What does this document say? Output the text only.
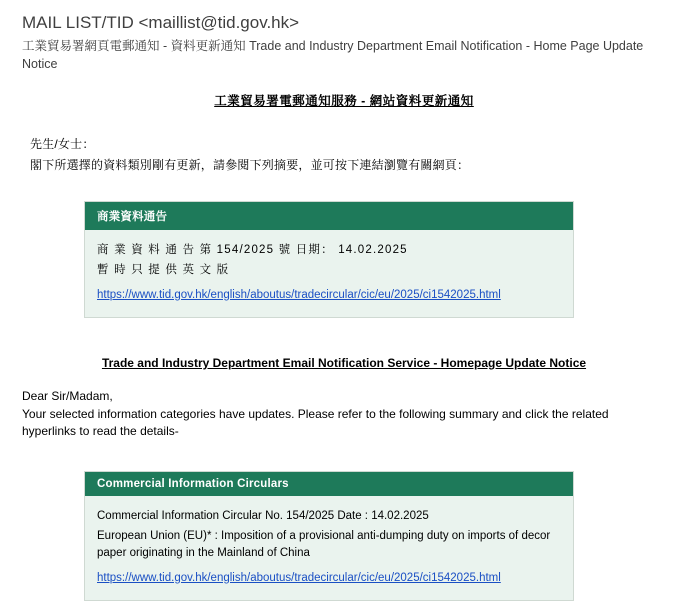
MAIL LIST/TID <maillist@tid.gov.hk>
工業貿易署網頁電郵通知 - 資料更新通知 Trade and Industry Department Email Notification - Home Page Update Notice
工業貿易署電郵通知服務 - 網站資料更新通知
先生/女士：
閣下所選擇的資料類別剛有更新，請參閱下列摘要，並可按下連結瀏覽有關網頁：
商業資料通告

商 業 資 料 通 告 第 154/2025 號 日期： 14.02.2025

暫 時 只 提 供 英 文 版

https://www.tid.gov.hk/english/aboutus/tradecircular/cic/eu/2025/ci1542025.html
Trade and Industry Department Email Notification Service - Homepage Update Notice
Dear Sir/Madam,
Your selected information categories have updates. Please refer to the following summary and click the related hyperlinks to read the details-
Commercial Information Circulars

Commercial Information Circular No. 154/2025 Date : 14.02.2025

European Union (EU)* : Imposition of a provisional anti-dumping duty on imports of decor paper originating in the Mainland of China

https://www.tid.gov.hk/english/aboutus/tradecircular/cic/eu/2025/ci1542025.html
